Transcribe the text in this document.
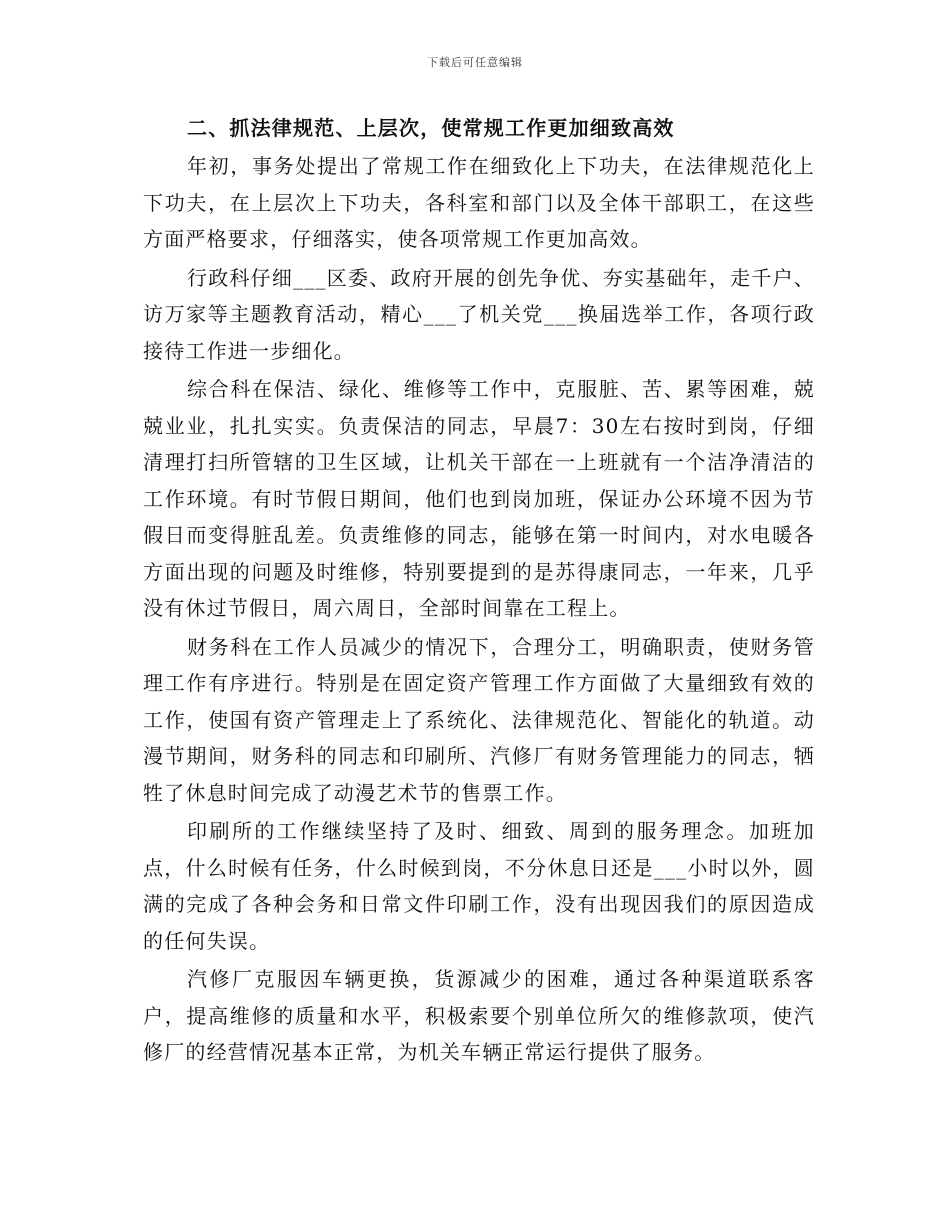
下载后可任意编辑
二、抓法律规范、上层次，使常规工作更加细致高效

年初，事务处提出了常规工作在细致化上下功夫，在法律规范化上下功夫，在上层次上下功夫，各科室和部门以及全体干部职工，在这些方面严格要求，仔细落实，使各项常规工作更加高效。

行政科仔细___区委、政府开展的创先争优、夯实基础年，走千户、访万家等主题教育活动，精心___了机关党___换届选举工作，各项行政接待工作进一步细化。

综合科在保洁、绿化、维修等工作中，克服脏、苦、累等困难，兢兢业业，扎扎实实。负责保洁的同志，早晨7：30左右按时到岗，仔细清理打扫所管辖的卫生区域，让机关干部在一上班就有一个洁净清洁的工作环境。有时节假日期间，他们也到岗加班，保证办公环境不因为节假日而变得脏乱差。负责维修的同志，能够在第一时间内，对水电暖各方面出现的问题及时维修，特别要提到的是苏得康同志，一年来，几乎没有休过节假日，周六周日，全部时间靠在工程上。

财务科在工作人员减少的情况下，合理分工，明确职责，使财务管理工作有序进行。特别是在固定资产管理工作方面做了大量细致有效的工作，使国有资产管理走上了系统化、法律规范化、智能化的轨道。动漫节期间，财务科的同志和印刷所、汽修厂有财务管理能力的同志，牺牲了休息时间完成了动漫艺术节的售票工作。

印刷所的工作继续坚持了及时、细致、周到的服务理念。加班加点，什么时候有任务，什么时候到岗，不分休息日还是___小时以外，圆满的完成了各种会务和日常文件印刷工作，没有出现因我们的原因造成的任何失误。

汽修厂克服因车辆更换，货源减少的困难，通过各种渠道联系客户，提高维修的质量和水平，积极索要个别单位所欠的维修款项，使汽修厂的经营情况基本正常，为机关车辆正常运行提供了服务。
